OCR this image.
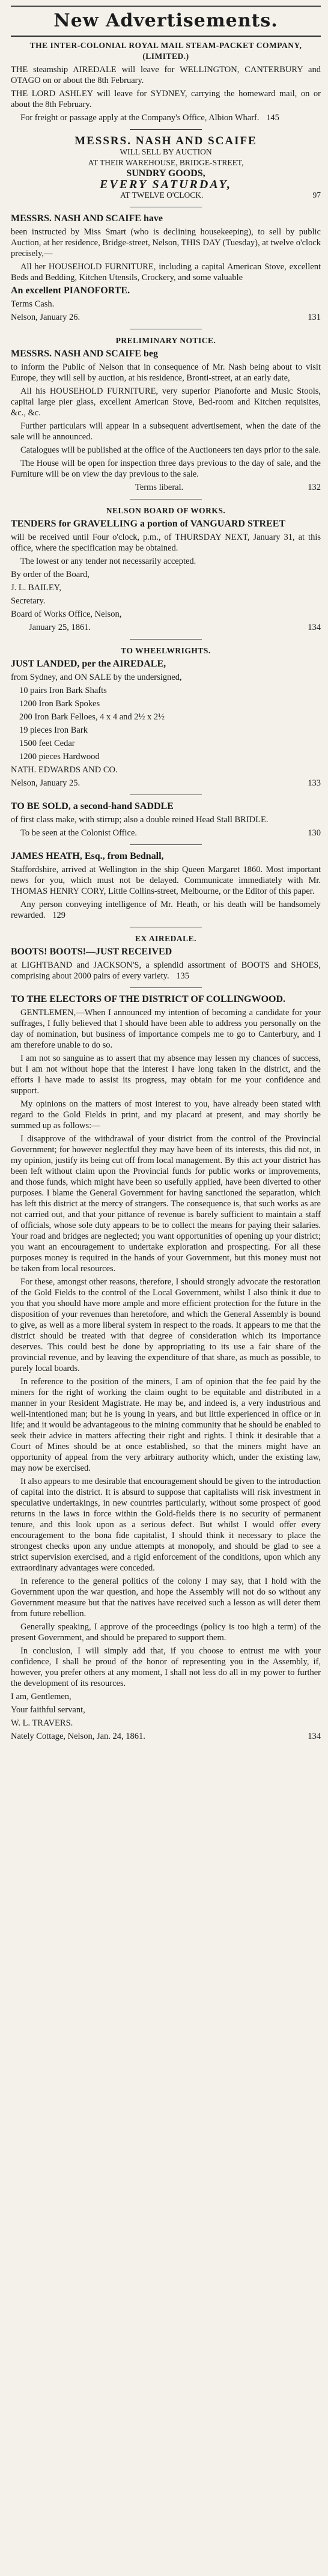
New Advertisements.
THE INTER-COLONIAL ROYAL MAIL STEAM-PACKET COMPANY, (LIMITED.)

THE steamship AIREDALE will leave for WELLINGTON, CANTERBURY and OTAGO on or about the 8th February.

THE LORD ASHLEY will leave for SYDNEY, carrying the homeward mail, on or about the 8th February.

For freight or passage apply at the Company's Office, Albion Wharf. 145

MESSRS. NASH AND SCAIFE
WILL SELL BY AUCTION
AT THEIR WAREHOUSE, BRIDGE-STREET,
SUNDRY GOODS,
EVERY SATURDAY,
AT TWELVE O'CLOCK.	97

MESSRS. NASH AND SCAIFE have

been instructed by Miss Smart (who is declining housekeeping), to sell by public Auction, at her residence, Bridge-street, Nelson, THIS DAY (Tuesday), at twelve o'clock precisely,—

All her HOUSEHOLD FURNITURE, including a capital American Stove, excellent Beds and Bedding, Kitchen Utensils, Crockery, and some valuable

An excellent PIANOFORTE.

Terms Cash.

Nelson, January 26.	131

PRELIMINARY NOTICE.

MESSRS. NASH AND SCAIFE beg

to inform the Public of Nelson that in consequence of Mr. Nash being about to visit Europe, they will sell by auction, at his residence, Bronti-street, at an early date,

All his HOUSEHOLD FURNITURE, very superior Pianoforte and Music Stools, capital large pier glass, excellent American Stove, Bed-room and Kitchen requisites, &c., &c.

Further particulars will appear in a subsequent advertisement, when the date of the sale will be announced.

Catalogues will be published at the office of the Auctioneers ten days prior to the sale.

The House will be open for inspection three days previous to the day of sale, and the Furniture will be on view the day previous to the sale.

Terms liberal.	132

NELSON BOARD OF WORKS.

TENDERS for GRAVELLING a portion of VANGUARD STREET

will be received until Four o'clock, p.m., of THURSDAY NEXT, January 31, at this office, where the specification may be obtained.

The lowest or any tender not necessarily accepted.

By order of the Board,

J. L. BAILEY,

Secretary.

Board of Works Office, Nelson,

January 25, 1861.	134

TO WHEELWRIGHTS.

JUST LANDED, per the AIREDALE,

from Sydney, and ON SALE by the undersigned,

10 pairs Iron Bark Shafts

1200 Iron Bark Spokes

200 Iron Bark Felloes, 4 x 4 and 2½ x 2½

19 pieces Iron Bark

1500 feet Cedar

1200 pieces Hardwood

NATH. EDWARDS AND CO.

Nelson, January 25.	133

TO BE SOLD, a second-hand SADDLE

of first class make, with stirrup; also a double reined Head Stall BRIDLE.

To be seen at the Colonist Office.	130

JAMES HEATH, Esq., from Bednall,

Staffordshire, arrived at Wellington in the ship Queen Margaret 1860. Most important news for you, which must not be delayed. Communicate immediately with Mr. THOMAS HENRY CORY, Little Collins-street, Melbourne, or the Editor of this paper.

Any person conveying intelligence of Mr. Heath, or his death will be handsomely rewarded. 129

EX AIREDALE.

BOOTS! BOOTS!—JUST RECEIVED

at LIGHTBAND and JACKSON'S, a splendid assortment of BOOTS and SHOES, comprising about 2000 pairs of every variety. 135

TO THE ELECTORS OF THE DISTRICT OF COLLINGWOOD.

GENTLEMEN,—When I announced my intention of becoming a candidate for your suffrages, I fully believed that I should have been able to address you personally on the day of nomination, but business of importance compels me to go to Canterbury, and I am therefore unable to do so.

I am not so sanguine as to assert that my absence may lessen my chances of success, but I am not without hope that the interest I have long taken in the district, and the efforts I have made to assist its progress, may obtain for me your confidence and support.

My opinions on the matters of most interest to you, have already been stated with regard to the Gold Fields in print, and my placard at present, and may shortly be summed up as follows:—

I disapprove of the withdrawal of your district from the control of the Provincial Government; for however neglectful they may have been of its interests, this did not, in my opinion, justify its being cut off from local management. By this act your district has been left without claim upon the Provincial funds for public works or improvements, and those funds, which might have been so usefully applied, have been diverted to other purposes. I blame the General Government for having sanctioned the separation, which has left this district at the mercy of strangers. The consequence is, that such works as are not carried out, and that your pittance of revenue is barely sufficient to maintain a staff of officials, whose sole duty appears to be to collect the means for paying their salaries. Your road and bridges are neglected; you want opportunities of opening up your district; you want an encouragement to undertake exploration and prospecting. For all these purposes money is required in the hands of your Government, but this money must not be taken from local resources.

For these, amongst other reasons, therefore, I should strongly advocate the restoration of the Gold Fields to the control of the Local Government, whilst I also think it due to you that you should have more ample and more efficient protection for the future in the disposition of your revenues than heretofore, and which the General Assembly is bound to give, as well as a more liberal system in respect to the roads. It appears to me that the district should be treated with that degree of consideration which its importance deserves. This could best be done by appropriating to its use a fair share of the provincial revenue, and by leaving the expenditure of that share, as much as possible, to purely local boards.

In reference to the position of the miners, I am of opinion that the fee paid by the miners for the right of working the claim ought to be equitable and distributed in a manner in your Resident Magistrate. He may be, and indeed is, a very industrious and well-intentioned man; but he is young in years, and but little experienced in office or in life; and it would be advantageous to the mining community that he should be enabled to seek their advice in matters affecting their right and rights. I think it desirable that a Court of Mines should be at once established, so that the miners might have an opportunity of appeal from the very arbitrary authority which, under the existing law, may now be exercised.

It also appears to me desirable that encouragement should be given to the introduction of capital into the district. It is absurd to suppose that capitalists will risk investment in speculative undertakings, in new countries particularly, without some prospect of good returns in the laws in force within the Gold-fields there is no security of permanent tenure, and this look upon as a serious defect. But whilst I would offer every encouragement to the bona fide capitalist, I should think it necessary to place the strongest checks upon any undue attempts at monopoly, and should be glad to see a strict supervision exercised, and a rigid enforcement of the conditions, upon which any extraordinary advantages were conceded.

In reference to the general politics of the colony I may say, that I hold with the Government upon the war question, and hope the Assembly will not do so without any Government measure but that the natives have received such a lesson as will deter them from future rebellion.

Generally speaking, I approve of the proceedings (policy is too high a term) of the present Government, and should be prepared to support them.

In conclusion, I will simply add that, if you choose to entrust me with your confidence, I shall be proud of the honor of representing you in the Assembly, if, however, you prefer others at any moment, I shall not less do all in my power to further the development of its resources.

I am, Gentlemen,

Your faithful servant,

W. L. TRAVERS.

Nately Cottage, Nelson, Jan. 24, 1861.	134
